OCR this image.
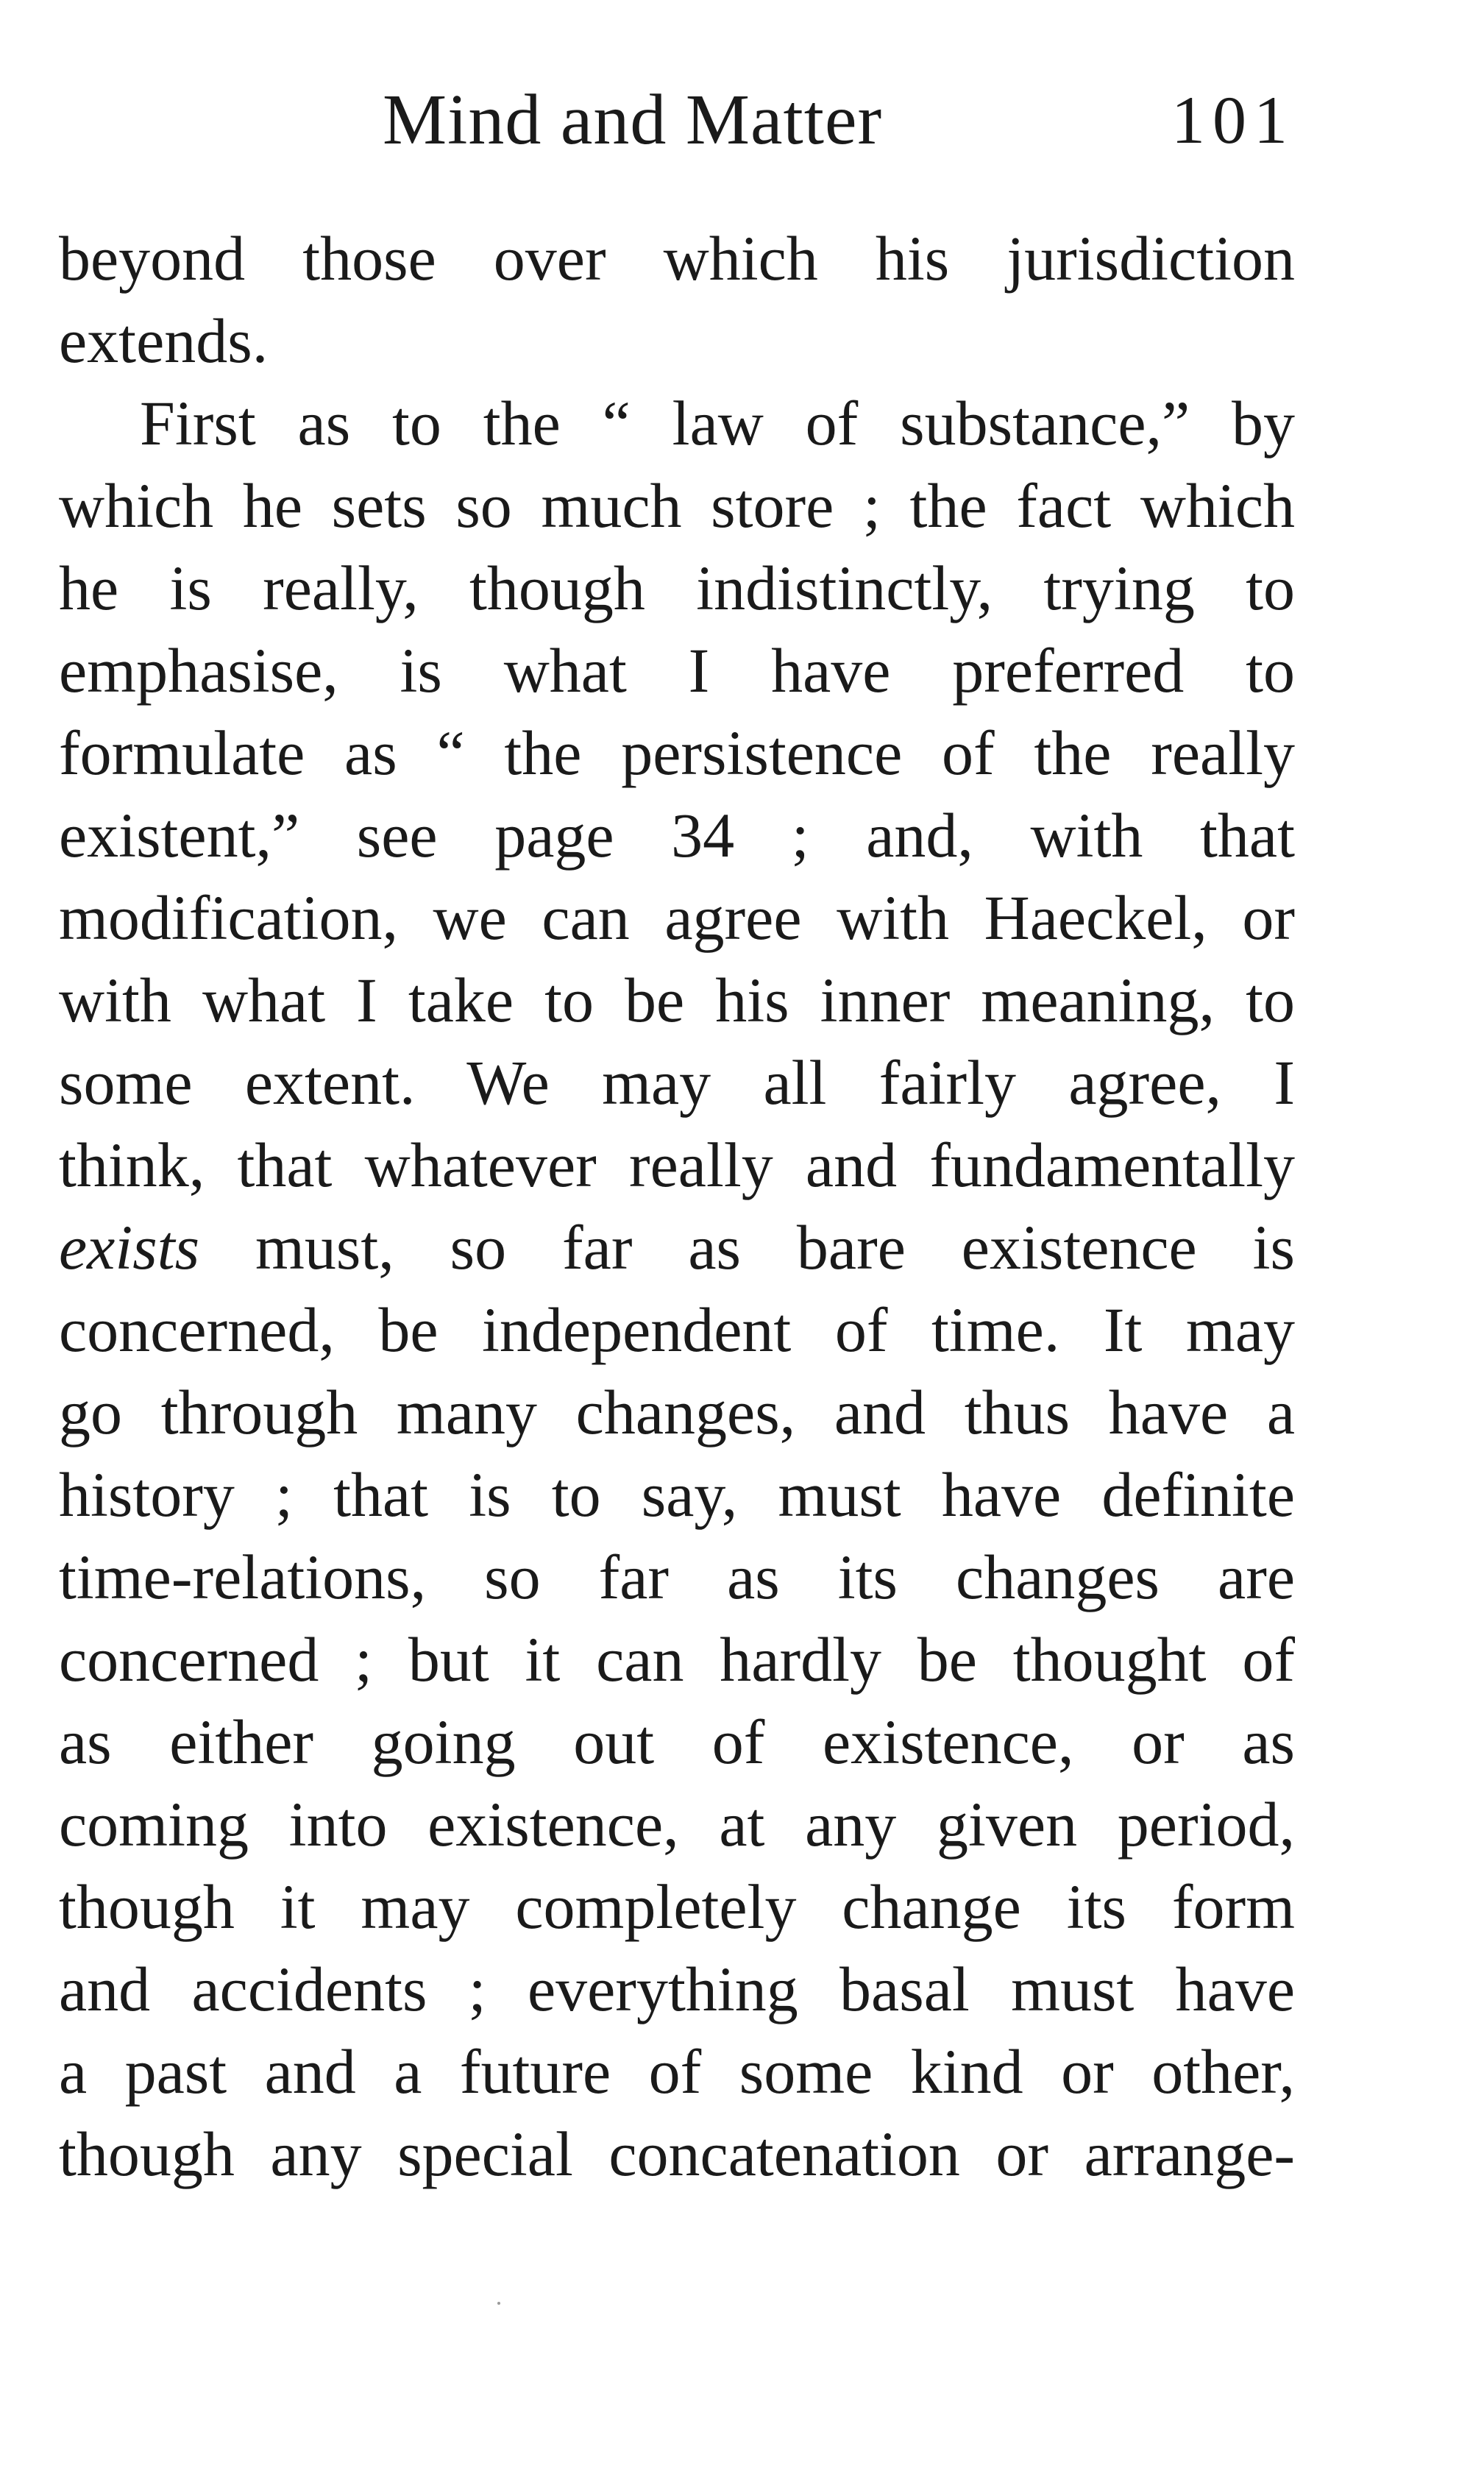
Mind and Matter	101
beyond those over which his jurisdiction
extends.
First as to the “ law of substance,” by
which he sets so much store ; the fact which
he is really, though indistinctly, trying to
emphasise, is what I have preferred to
formulate as “ the persistence of the really
existent,” see page 34 ; and, with that
modification, we can agree with Haeckel, or
with what I take to be his inner meaning, to
some extent. We may all fairly agree, I
think, that whatever really and fundamentally
exists must, so far as bare existence is
concerned, be independent of time. It may
go through many changes, and thus have a
history ; that is to say, must have definite
time-relations, so far as its changes are
concerned ; but it can hardly be thought of
as either going out of existence, or as
coming into existence, at any given period,
though it may completely change its form
and accidents ; everything basal must have
a past and a future of some kind or other,
though any special concatenation or arrange-
